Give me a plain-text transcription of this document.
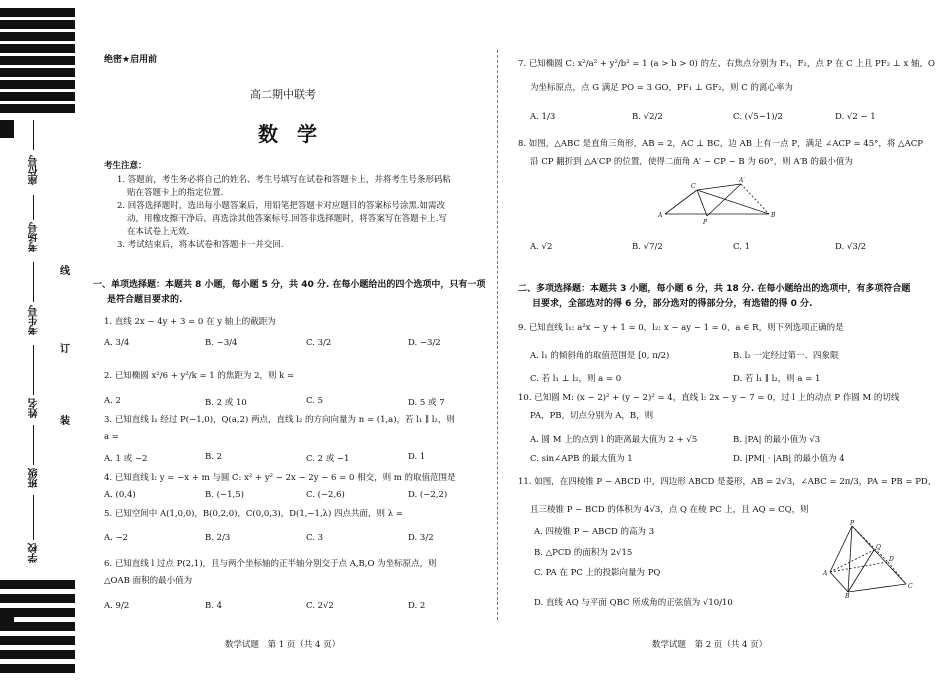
座位号
考场号
考生号
姓名
班级
学校
线
订
装
绝密★启用前
高二期中联考
数 学
考生注意：
1. 答题前，考生务必将自己的姓名、考生号填写在试卷和答题卡上，并将考生号条形码粘
贴在答题卡上的指定位置.
2. 回答选择题时，选出每小题答案后，用铅笔把答题卡对应题目的答案标号涂黑.如需改
动，用橡皮擦干净后，再选涂其他答案标号.回答非选择题时，将答案写在答题卡上.写
在本试卷上无效.
3. 考试结束后，将本试卷和答题卡一并交回.
一、单项选择题：本题共 8 小题，每小题 5 分，共 40 分. 在每小题给出的四个选项中，只有一项
是符合题目要求的.
1. 直线 2x − 4y + 3 = 0 在 y 轴上的截距为
A. 3/4	B. −3/4	C. 3/2	D. −3/2
2. 已知椭圆 x²/6 + y²/k = 1 的焦距为 2，则 k =
A. 2	B. 2 或 10	C. 5	D. 5 或 7
3. 已知直线 l₁ 经过 P(−1,0)，Q(a,2) 两点，直线 l₂ 的方向向量为 n = (1,a)，若 l₁ ∥ l₂，则
a =
A. 1 或 −2	B. 2	C. 2 或 −1	D. 1
4. 已知直线 l: y = −x + m 与圆 C: x² + y² − 2x − 2y − 6 = 0 相交，则 m 的取值范围是
A. (0,4)	B. (−1,5)	C. (−2,6)	D. (−2,2)
5. 已知空间中 A(1,0,0)，B(0,2,0)，C(0,0,3)，D(1,−1,λ) 四点共面，则 λ =
A. −2	B. 2/3	C. 3	D. 3/2
6. 已知直线 l 过点 P(2,1)，且与两个坐标轴的正半轴分别交于点 A,B,O 为坐标原点，则
△OAB 面积的最小值为
A. 9/2	B. 4	C. 2√2	D. 2
数学试题　第 1 页（共 4 页）
7. 已知椭圆 C: x²/a² + y²/b² = 1 (a > b > 0) 的左、右焦点分别为 F₁，F₂，点 P 在 C 上且 PF₂ ⊥ x 轴，O
为坐标原点，点 G 满足 PO = 3 GO，PF₁ ⊥ GF₂，则 C 的离心率为
A. 1/3	B. √2/2	C. (√5−1)/2	D. √2 − 1
8. 如图，△ABC 是直角三角形，AB = 2，AC ⊥ BC，边 AB 上有一点 P，满足 ∠ACP = 45°，将 △ACP
沿 CP 翻折到 △A′CP 的位置，使得二面角 A′ − CP − B 为 60°，则 A′B 的最小值为
A
C
A′
P
B
A. √2	B. √7/2	C. 1	D. √3/2
二、多项选择题：本题共 3 小题，每小题 6 分，共 18 分. 在每小题给出的选项中，有多项符合题
目要求，全部选对的得 6 分，部分选对的得部分分，有选错的得 0 分.
9. 已知直线 l₁: a²x − y + 1 = 0，l₂: x − ay − 1 = 0，a ∈ R，则下列选项正确的是
A. l₁ 的倾斜角的取值范围是 [0, π/2)	B. l₂ 一定经过第一、四象限
C. 若 l₁ ⊥ l₂，则 a = 0	D. 若 l₁ ∥ l₂，则 a = 1
10. 已知圆 M: (x − 2)² + (y − 2)² = 4，直线 l: 2x − y − 7 = 0，过 l 上的动点 P 作圆 M 的切线
PA，PB，切点分别为 A，B，则
A. 圆 M 上的点到 l 的距离最大值为 2 + √5	B. |PA| 的最小值为 √3
C. sin∠APB 的最大值为 1	D. |PM| · |AB| 的最小值为 4
11. 如图，在四棱锥 P − ABCD 中，四边形 ABCD 是菱形，AB = 2√3，∠ABC = 2π/3，PA = PB = PD，
且三棱锥 P − BCD 的体积为 4√3，点 Q 在棱 PC 上，且 AQ = CQ，则
A. 四棱锥 P − ABCD 的高为 3
B. △PCD 的面积为 2√15
C. PA 在 PC 上的投影向量为 PQ
D. 直线 AQ 与平面 QBC 所成角的正弦值为 √10/10
P
A
B
C
D
Q
数学试题　第 2 页（共 4 页）
